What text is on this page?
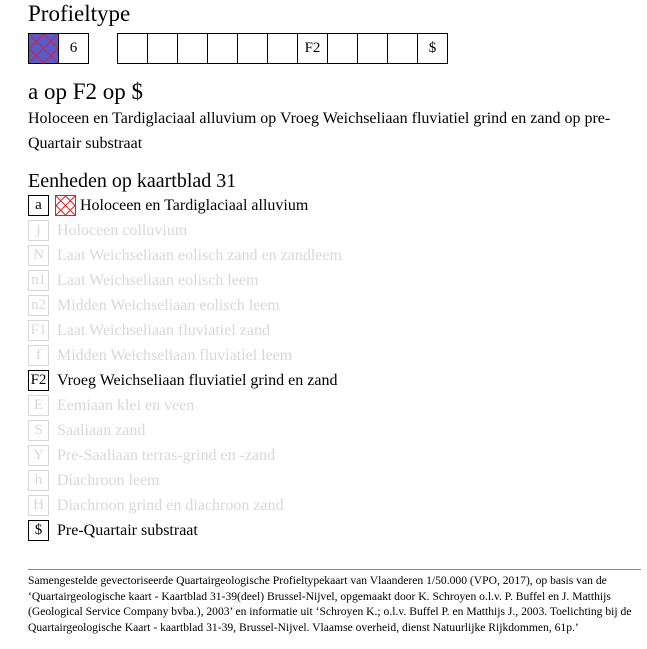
Profieltype
6	F2	$
a op F2 op $
Holoceen en Tardiglaciaal alluvium op Vroeg Weichseliaan fluviatiel grind en zand op pre-Quartair substraat
Eenheden op kaartblad 31
a	Holoceen en Tardiglaciaal alluvium
j	Holoceen colluvium
N Laat Weichseliaan eolisch zand en zandleem
n1 Laat Weichseliaan eolisch leem
n2 Midden Weichseliaan eolisch leem
F1 Laat Weichseliaan fluviatiel zand
f	Midden Weichseliaan fluviatiel leem
F2 Vroeg Weichseliaan fluviatiel grind en zand
E Eemiaan klei en veen
S Saaliaan zand
Y Pre-Saaliaan terras-grind en -zand
h Diachroon leem
H Diachroon grind en diachroon zand
$ Pre-Quartair substraat
Samengestelde gevectoriseerde Quartairgeologische Profieltypekaart van Vlaanderen 1/50.000 (VPO, 2017), op basis van de ‘Quartairgeologische kaart - Kaartblad 31-39(deel) Brussel-Nijvel, opgemaakt door K. Schroyen o.l.v. P. Buffel en J. Matthijs (Geological Service Company bvba.), 2003’ en informatie uit ‘Schroyen K.; o.l.v. Buffel P. en Matthijs J., 2003. Toelichting bij de Quartairgeologische Kaart - kaartblad 31-39, Brussel-Nijvel. Vlaamse overheid, dienst Natuurlijke Rijkdommen, 61p.’
